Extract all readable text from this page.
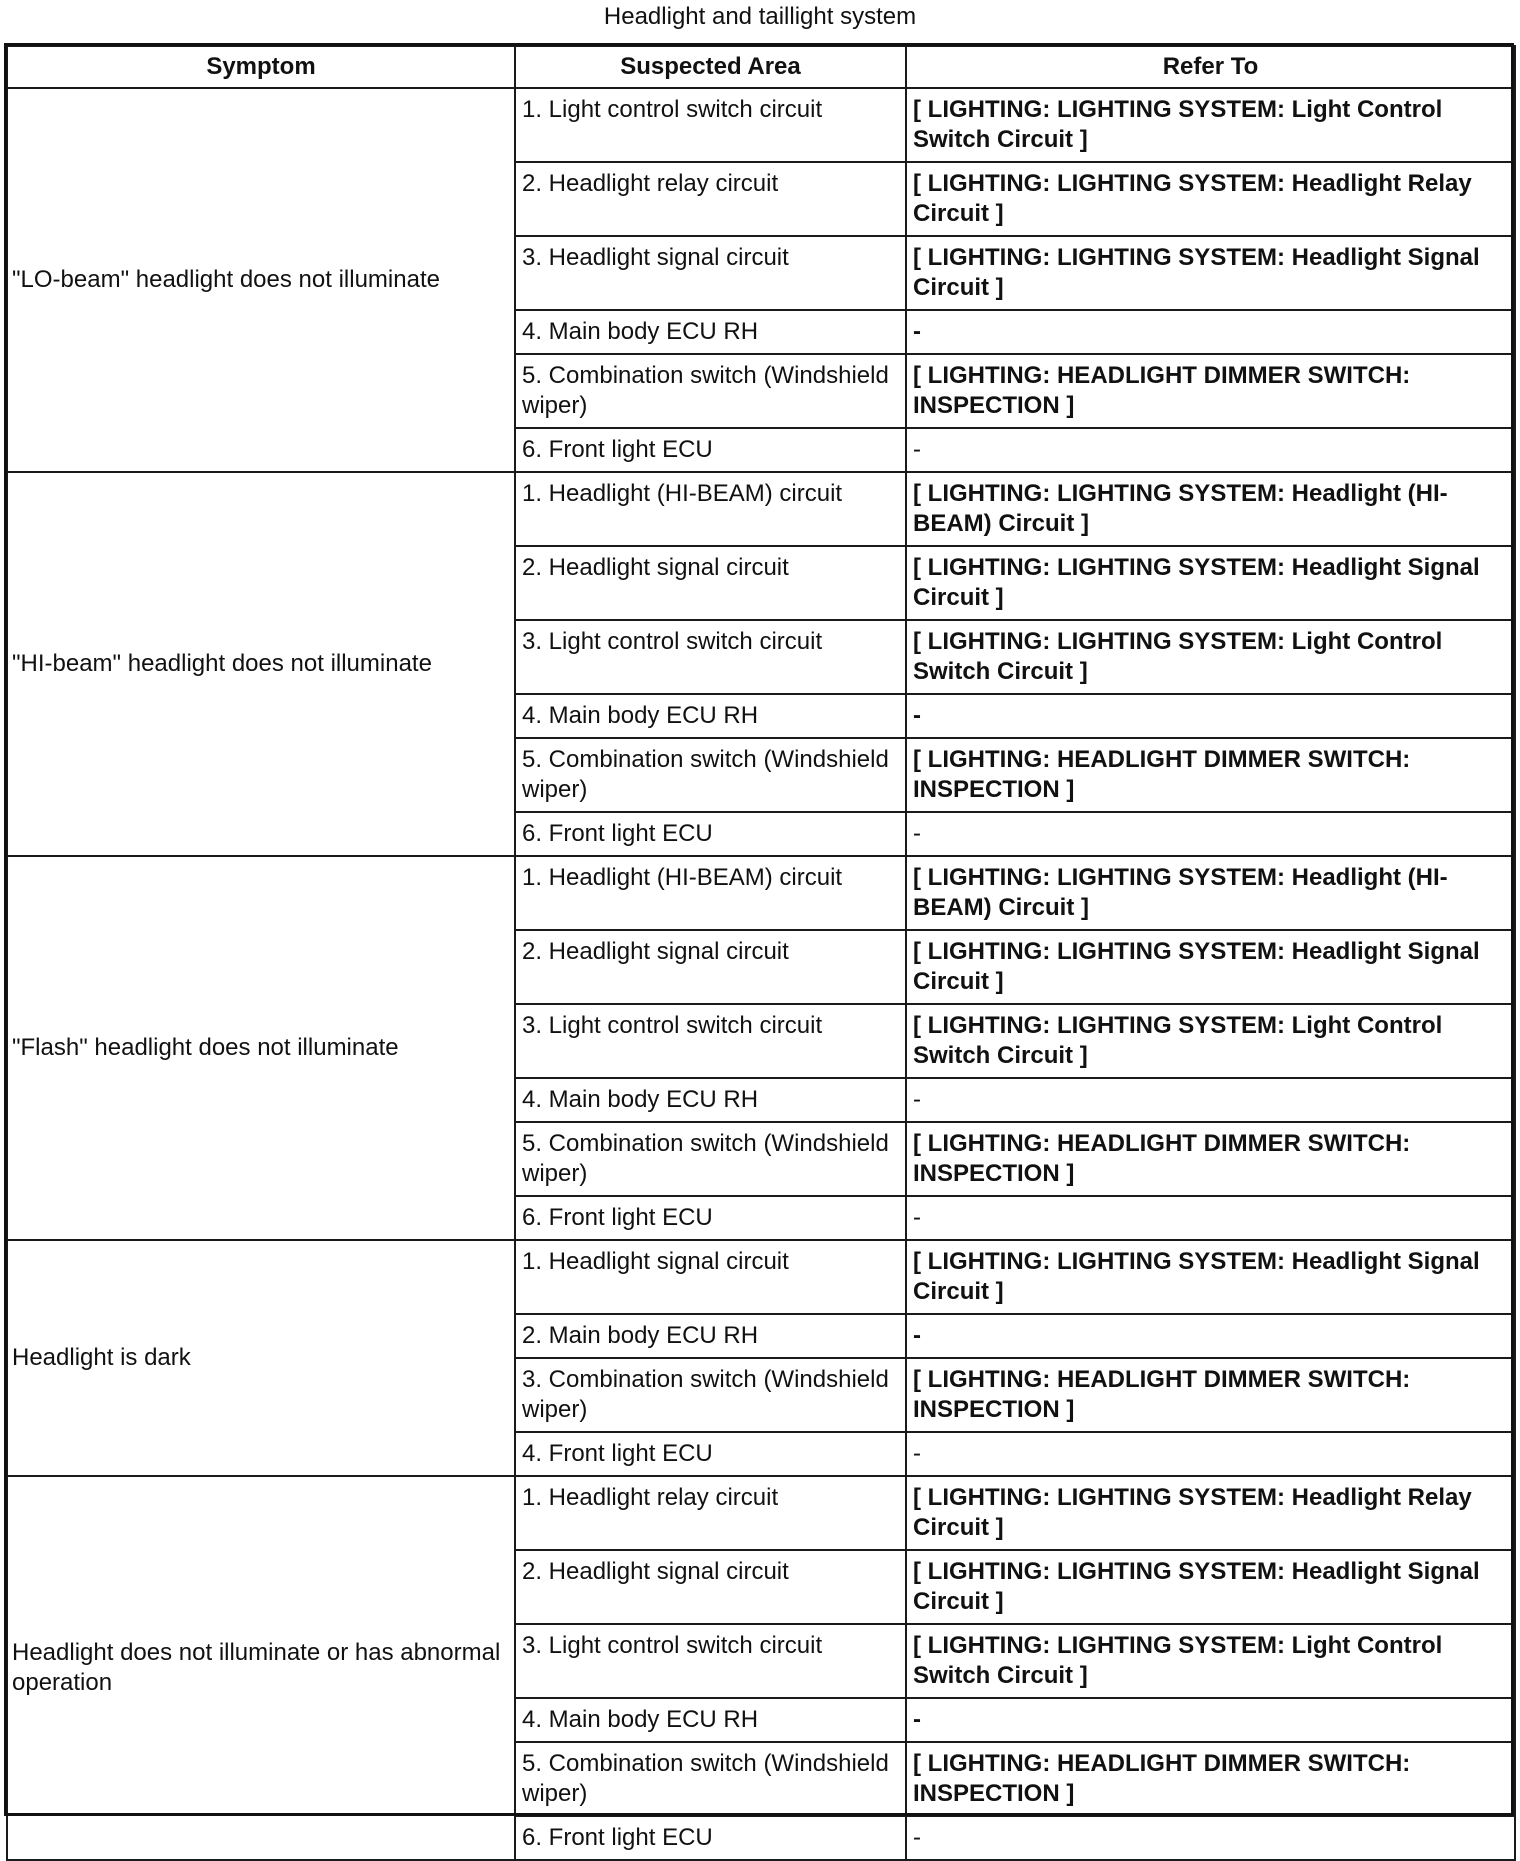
Headlight and taillight system
Symptom	Suspected Area	Refer To
"LO-beam" headlight does not illuminate	1. Light control switch circuit	[ LIGHTING: LIGHTING SYSTEM: Light Control Switch Circuit ]
	2. Headlight relay circuit	[ LIGHTING: LIGHTING SYSTEM: Headlight Relay Circuit ]
	3. Headlight signal circuit	[ LIGHTING: LIGHTING SYSTEM: Headlight Signal Circuit ]
	4. Main body ECU RH	-
	5. Combination switch (Windshield wiper)	[ LIGHTING: HEADLIGHT DIMMER SWITCH: INSPECTION ]
	6. Front light ECU	-
"HI-beam" headlight does not illuminate	1. Headlight (HI-BEAM) circuit	[ LIGHTING: LIGHTING SYSTEM: Headlight (HI-BEAM) Circuit ]
	2. Headlight signal circuit	[ LIGHTING: LIGHTING SYSTEM: Headlight Signal Circuit ]
	3. Light control switch circuit	[ LIGHTING: LIGHTING SYSTEM: Light Control Switch Circuit ]
	4. Main body ECU RH	-
	5. Combination switch (Windshield wiper)	[ LIGHTING: HEADLIGHT DIMMER SWITCH: INSPECTION ]
	6. Front light ECU	-
"Flash" headlight does not illuminate	1. Headlight (HI-BEAM) circuit	[ LIGHTING: LIGHTING SYSTEM: Headlight (HI-BEAM) Circuit ]
	2. Headlight signal circuit	[ LIGHTING: LIGHTING SYSTEM: Headlight Signal Circuit ]
	3. Light control switch circuit	[ LIGHTING: LIGHTING SYSTEM: Light Control Switch Circuit ]
	4. Main body ECU RH	-
	5. Combination switch (Windshield wiper)	[ LIGHTING: HEADLIGHT DIMMER SWITCH: INSPECTION ]
	6. Front light ECU	-
Headlight is dark	1. Headlight signal circuit	[ LIGHTING: LIGHTING SYSTEM: Headlight Signal Circuit ]
	2. Main body ECU RH	-
	3. Combination switch (Windshield wiper)	[ LIGHTING: HEADLIGHT DIMMER SWITCH: INSPECTION ]
	4. Front light ECU	-
Headlight does not illuminate or has abnormal operation	1. Headlight relay circuit	[ LIGHTING: LIGHTING SYSTEM: Headlight Relay Circuit ]
	2. Headlight signal circuit	[ LIGHTING: LIGHTING SYSTEM: Headlight Signal Circuit ]
	3. Light control switch circuit	[ LIGHTING: LIGHTING SYSTEM: Light Control Switch Circuit ]
	4. Main body ECU RH	-
	5. Combination switch (Windshield wiper)	[ LIGHTING: HEADLIGHT DIMMER SWITCH: INSPECTION ]
	6. Front light ECU	-
